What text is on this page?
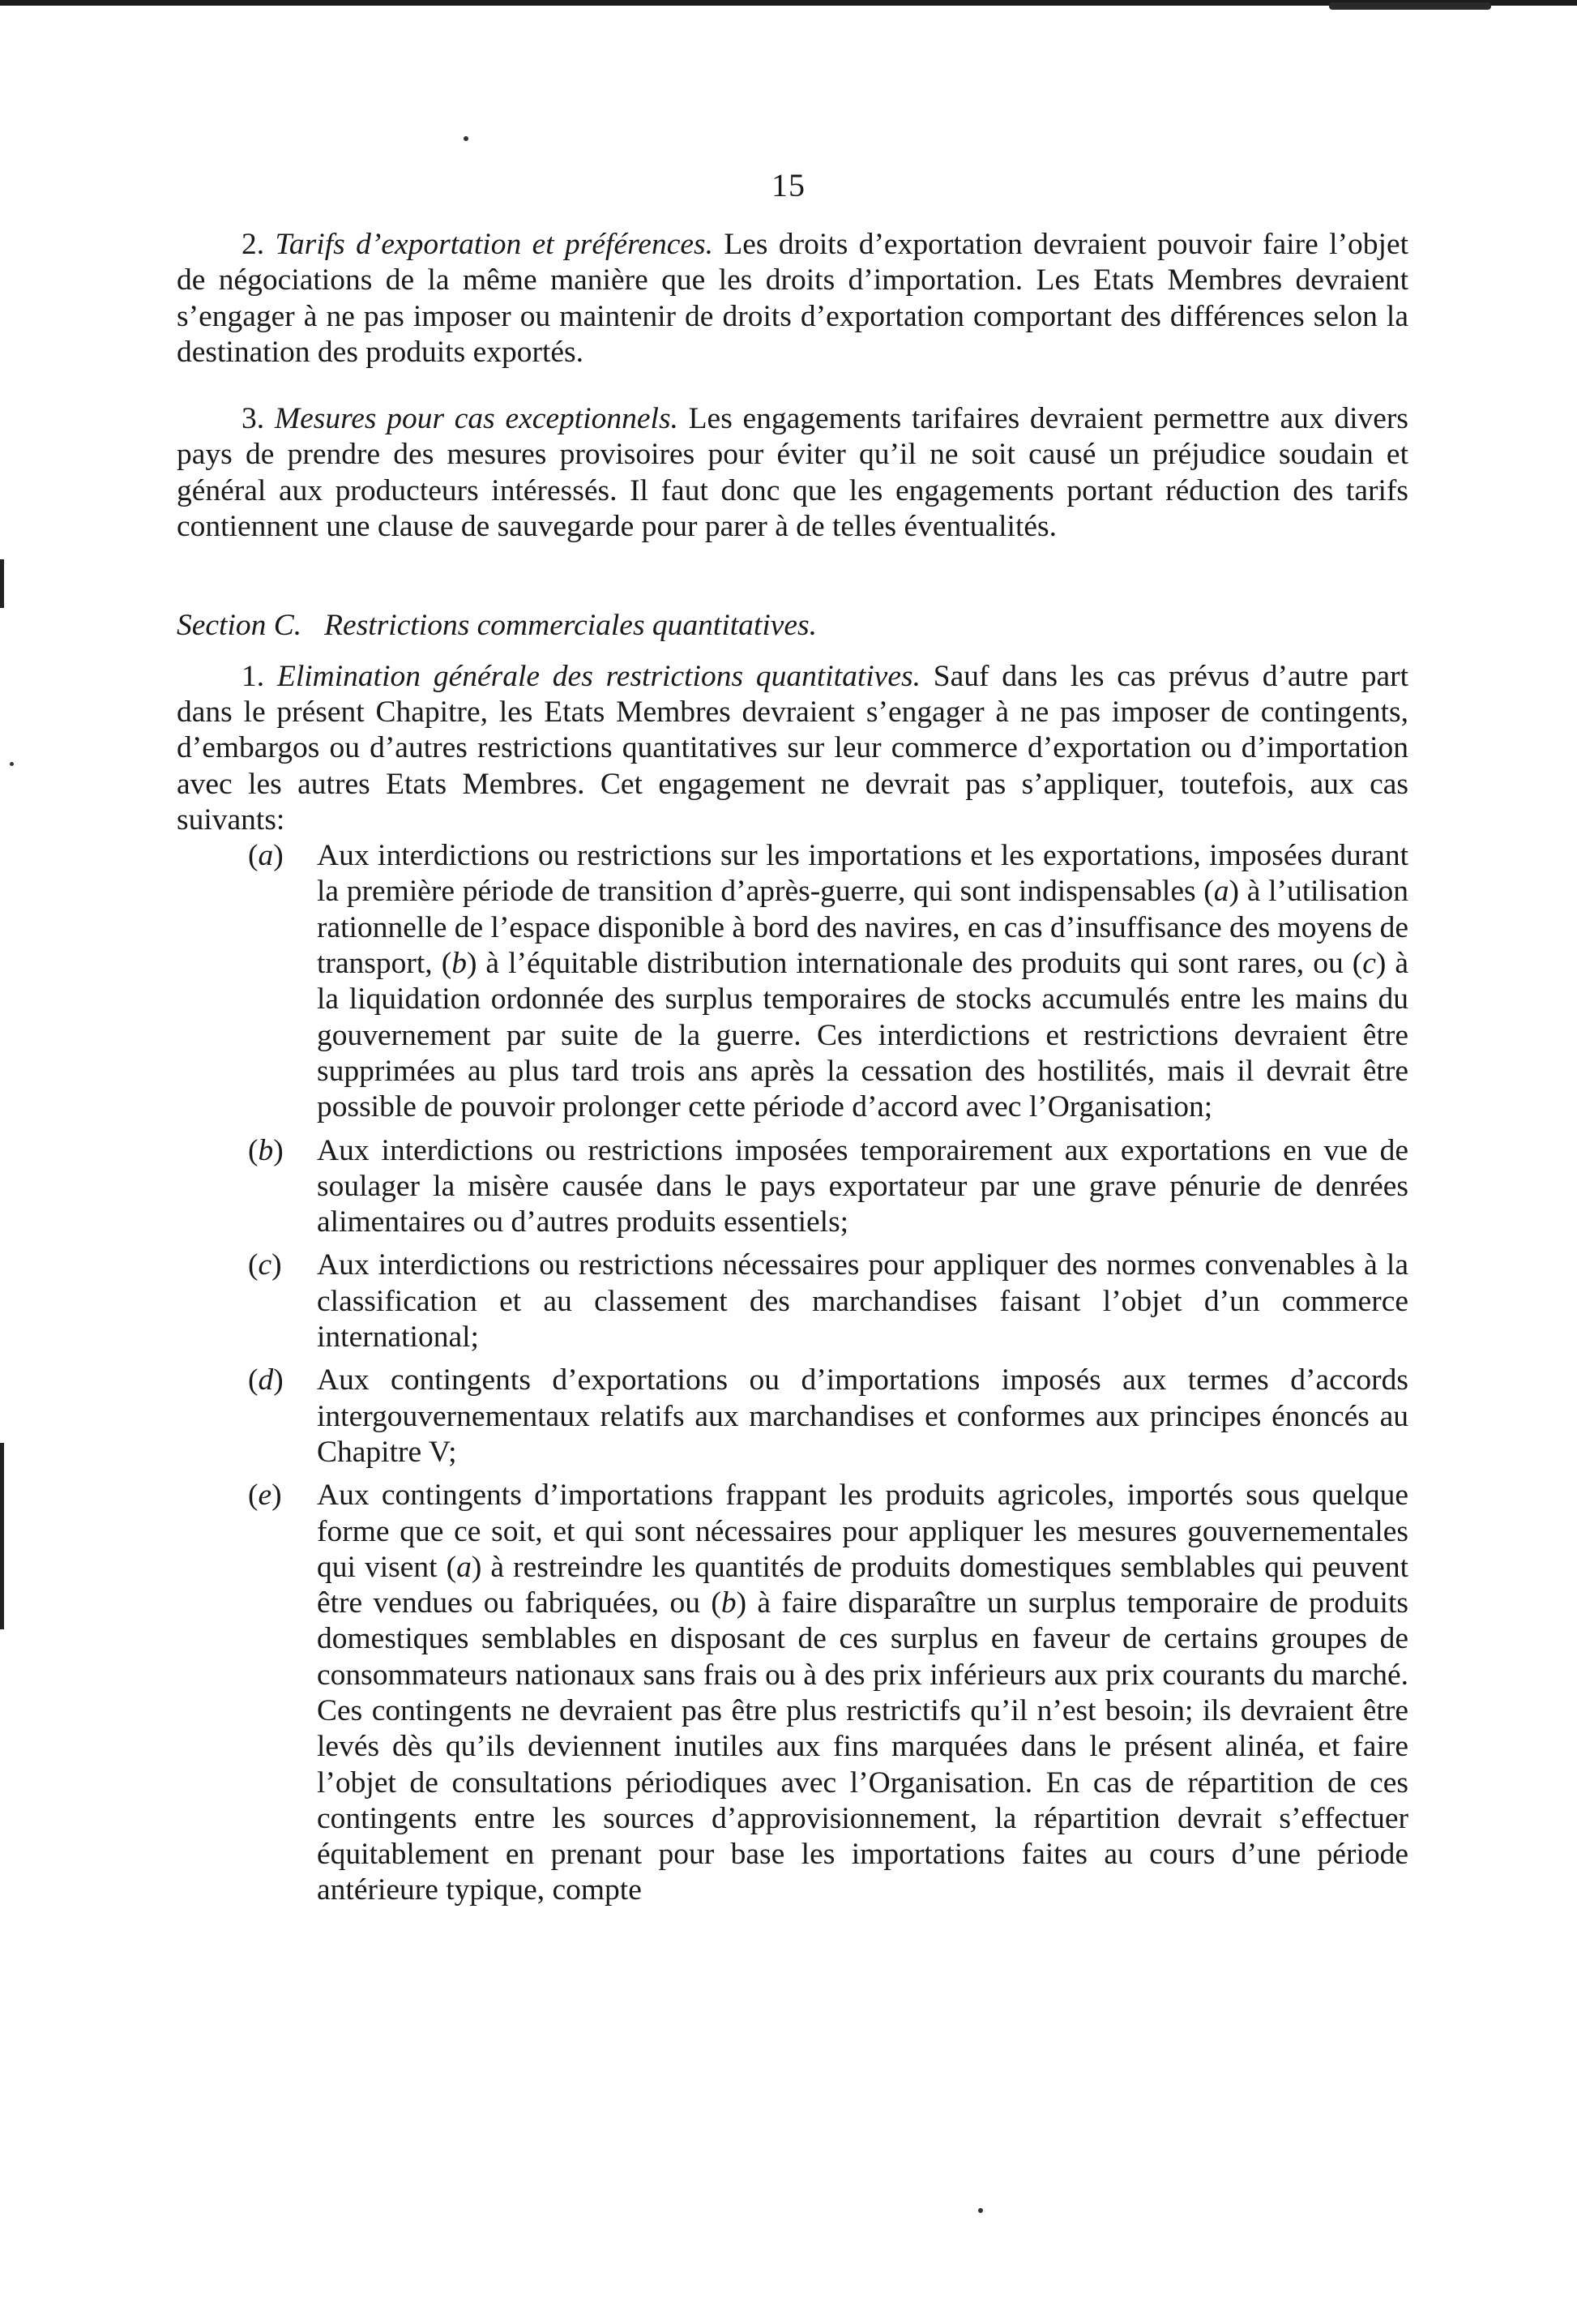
15

2. Tarifs d’exportation et préférences. Les droits d’exportation devraient pouvoir faire l’objet de négociations de la même manière que les droits d’importation. Les Etats Membres devraient s’engager à ne pas imposer ou maintenir de droits d’exportation comportant des différences selon la destination des produits exportés.

3. Mesures pour cas exceptionnels. Les engagements tarifaires devraient permettre aux divers pays de prendre des mesures provisoires pour éviter qu’il ne soit causé un préjudice soudain et général aux producteurs intéressés. Il faut donc que les engagements portant réduction des tarifs contiennent une clause de sauvegarde pour parer à de telles éventualités.

Section C. Restrictions commerciales quantitatives.

1. Elimination générale des restrictions quantitatives. Sauf dans les cas prévus d’autre part dans le présent Chapitre, les Etats Membres devraient s’engager à ne pas imposer de contingents, d’embargos ou d’autres restrictions quantitatives sur leur commerce d’exportation ou d’importation avec les autres Etats Membres. Cet engagement ne devrait pas s’appliquer, toutefois, aux cas suivants:

(a) Aux interdictions ou restrictions sur les importations et les exportations, imposées durant la première période de transition d’après-guerre, qui sont indispensables (a) à l’utilisation rationnelle de l’espace disponible à bord des navires, en cas d’insuffisance des moyens de transport, (b) à l’équitable distribution internationale des produits qui sont rares, ou (c) à la liquidation ordonnée des surplus temporaires de stocks accumulés entre les mains du gouvernement par suite de la guerre. Ces interdictions et restrictions devraient être supprimées au plus tard trois ans après la cessation des hostilités, mais il devrait être possible de pouvoir prolonger cette période d’accord avec l’Organisation;
(b) Aux interdictions ou restrictions imposées temporairement aux exportations en vue de soulager la misère causée dans le pays exportateur par une grave pénurie de denrées alimentaires ou d’autres produits essentiels;
(c) Aux interdictions ou restrictions nécessaires pour appliquer des normes convenables à la classification et au classement des marchandises faisant l’objet d’un commerce international;
(d) Aux contingents d’exportations ou d’importations imposés aux termes d’accords intergouvernementaux relatifs aux marchandises et conformes aux principes énoncés au Chapitre V;
(e) Aux contingents d’importations frappant les produits agricoles, importés sous quelque forme que ce soit, et qui sont nécessaires pour appliquer les mesures gouvernementales qui visent (a) à restreindre les quantités de produits domestiques semblables qui peuvent être vendues ou fabriquées, ou (b) à faire disparaître un surplus temporaire de produits domestiques semblables en disposant de ces surplus en faveur de certains groupes de consommateurs nationaux sans frais ou à des prix inférieurs aux prix courants du marché. Ces contingents ne devraient pas être plus restrictifs qu’il n’est besoin; ils devraient être levés dès qu’ils deviennent inutiles aux fins marquées dans le présent alinéa, et faire l’objet de consultations périodiques avec l’Organisation. En cas de répartition de ces contingents entre les sources d’approvisionnement, la répartition devrait s’effectuer équitablement en prenant pour base les importations faites au cours d’une période antérieure typique, compte
